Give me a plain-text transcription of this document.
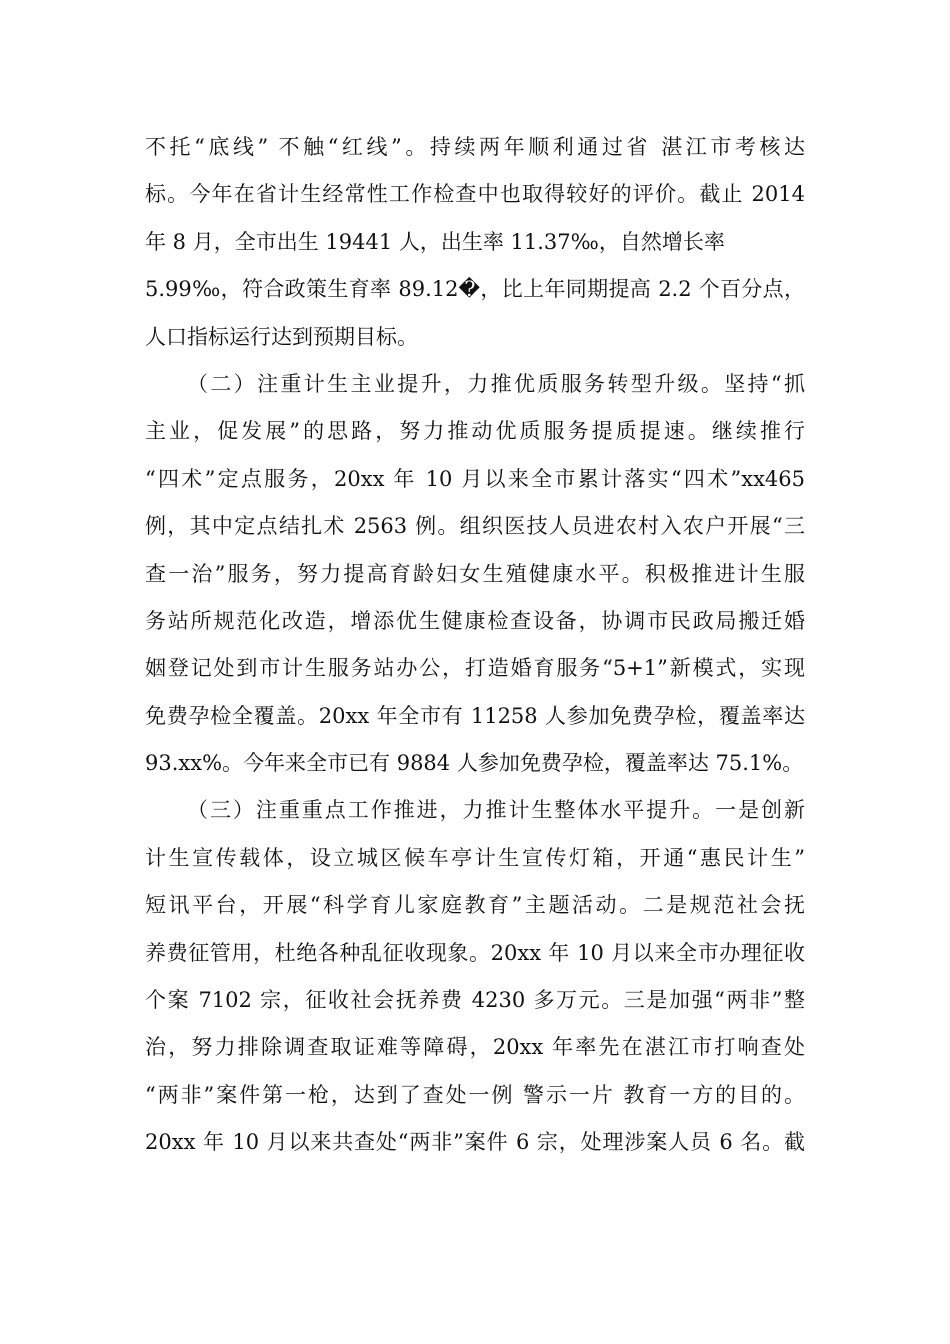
不托“底线” 不触“红线”。持续两年顺利通过省 湛江市考核达
标。今年在省计生经常性工作检查中也取得较好的评价。截止 2014
年 8 月，全市出生 19441 人，出生率 11.37‰，自然增长率
5.99‰，符合政策生育率 89.12�，比上年同期提高 2.2 个百分点，
人口指标运行达到预期目标。
（二）注重计生主业提升，力推优质服务转型升级。坚持“抓
主业，促发展”的思路，努力推动优质服务提质提速。继续推行
“四术”定点服务，20xx 年 10 月以来全市累计落实“四术”xx465
例，其中定点结扎术 2563 例。组织医技人员进农村入农户开展“三
查一治”服务，努力提高育龄妇女生殖健康水平。积极推进计生服
务站所规范化改造，增添优生健康检查设备，协调市民政局搬迁婚
姻登记处到市计生服务站办公，打造婚育服务“5+1”新模式，实现
免费孕检全覆盖。20xx 年全市有 11258 人参加免费孕检，覆盖率达
93.xx%。今年来全市已有 9884 人参加免费孕检，覆盖率达 75.1%。
（三）注重重点工作推进，力推计生整体水平提升。一是创新
计生宣传载体，设立城区候车亭计生宣传灯箱，开通“惠民计生”
短讯平台，开展“科学育儿家庭教育”主题活动。二是规范社会抚
养费征管用，杜绝各种乱征收现象。20xx 年 10 月以来全市办理征收
个案 7102 宗，征收社会抚养费 4230 多万元。三是加强“两非”整
治，努力排除调查取证难等障碍，20xx 年率先在湛江市打响查处
“两非”案件第一枪，达到了查处一例 警示一片 教育一方的目的。
20xx 年 10 月以来共查处“两非”案件 6 宗，处理涉案人员 6 名。截
